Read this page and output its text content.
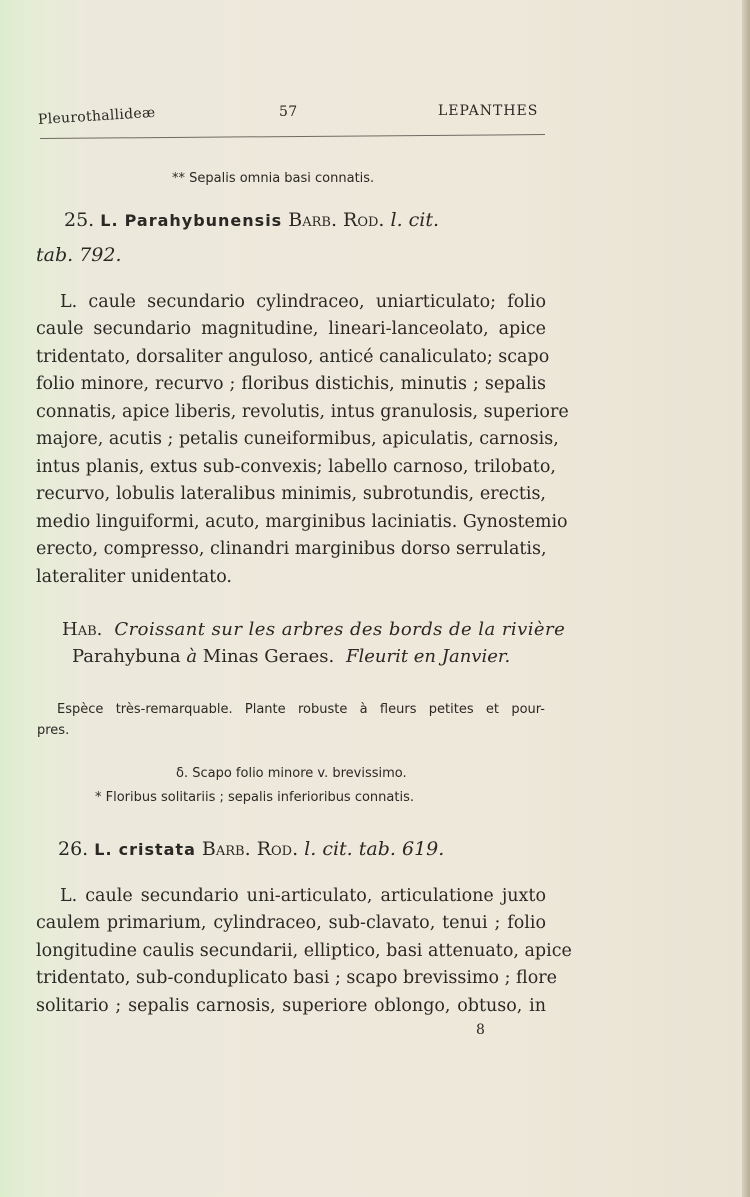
Pleurothallideæ	57	LEPANTHES
** Sepalis omnia basi connatis.
25. L. Parahybunensis Barb. Rod. l. cit.
tab. 792.
L. caule secundario cylindraceo, uniarticulato; folio
caule secundario magnitudine, lineari-lanceolato, apice
tridentato, dorsaliter anguloso, anticé canaliculato; scapo
folio minore, recurvo ; floribus distichis, minutis ; sepalis
connatis, apice liberis, revolutis, intus granulosis, superiore
majore, acutis ; petalis cuneiformibus, apiculatis, carnosis,
intus planis, extus sub-convexis; labello carnoso, trilobato,
recurvo, lobulis lateralibus minimis, subrotundis, erectis,
medio linguiformi, acuto, marginibus laciniatis. Gynostemio
erecto, compresso, clinandri marginibus dorso serrulatis,
lateraliter unidentato.
Hab. Croissant sur les arbres des bords de la rivière
Parahybuna à Minas Geraes. Fleurit en Janvier.
Espèce très-remarquable. Plante robuste à fleurs petites et pour-
pres.
δ. Scapo folio minore v. brevissimo.
* Floribus solitariis ; sepalis inferioribus connatis.
26. L. cristata Barb. Rod. l. cit. tab. 619.
L. caule secundario uni-articulato, articulatione juxto
caulem primarium, cylindraceo, sub-clavato, tenui ; folio
longitudine caulis secundarii, elliptico, basi attenuato, apice
tridentato, sub-conduplicato basi ; scapo brevissimo ; flore
solitario ; sepalis carnosis, superiore oblongo, obtuso, in
8
